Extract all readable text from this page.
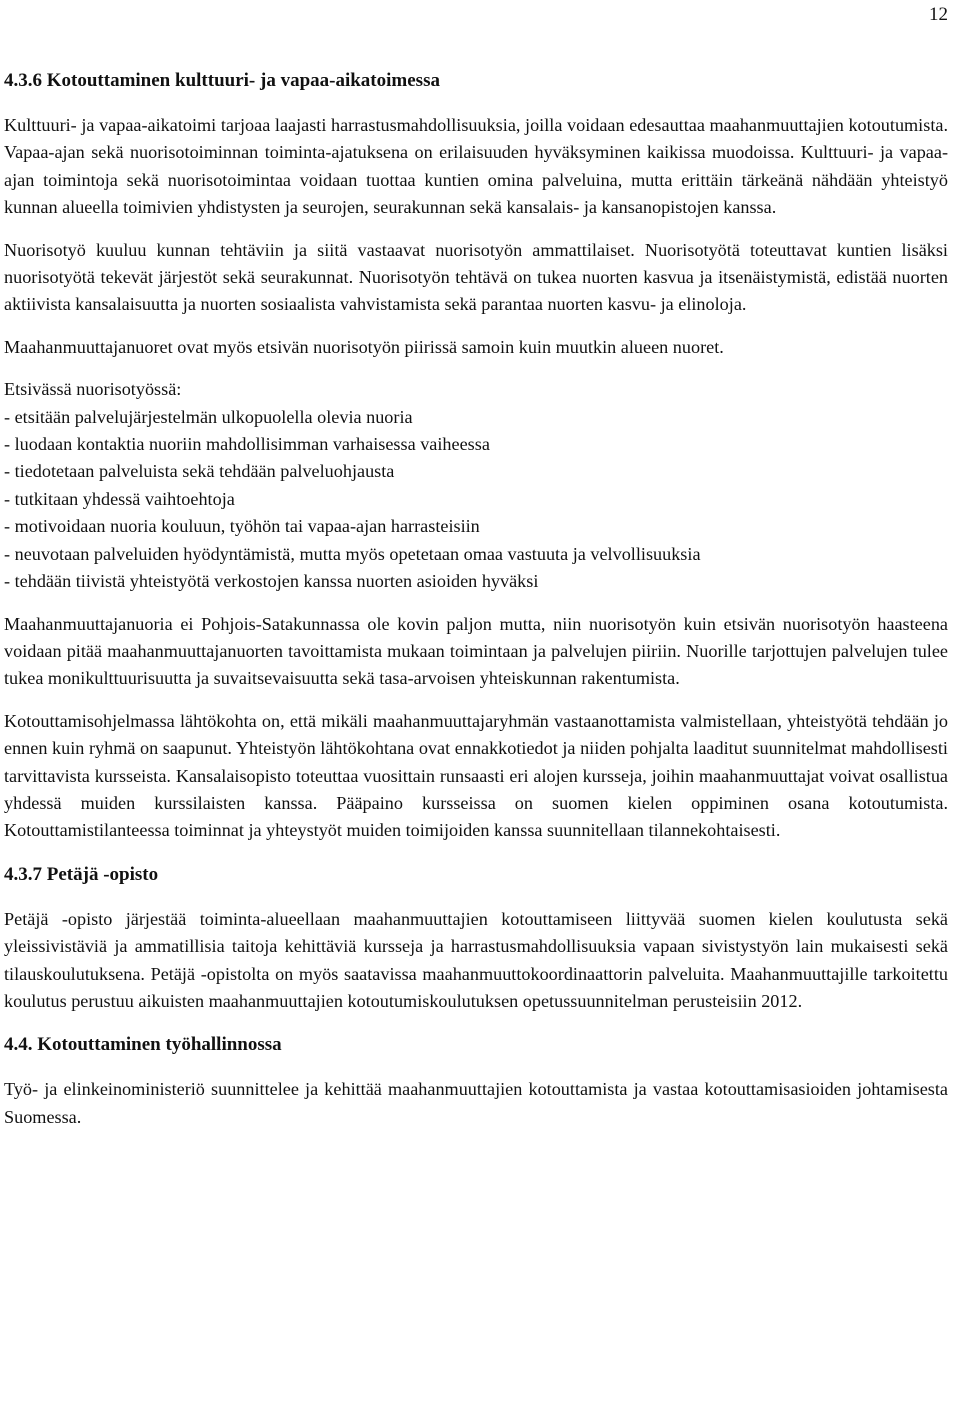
12
4.3.6 Kotouttaminen kulttuuri- ja vapaa-aikatoimessa

Kulttuuri- ja vapaa-aikatoimi tarjoaa laajasti harrastusmahdollisuuksia, joilla voidaan edesauttaa maahanmuuttajien kotoutumista. Vapaa-ajan sekä nuorisotoiminnan toiminta-ajatuksena on erilaisuuden hyväksyminen kaikissa muodoissa. Kulttuuri- ja vapaa-ajan toimintoja sekä nuorisotoimintaa voidaan tuottaa kuntien omina palveluina, mutta erittäin tärkeänä nähdään yhteistyö kunnan alueella toimivien yhdistysten ja seurojen, seurakunnan sekä kansalais- ja kansanopistojen kanssa.

Nuorisotyö kuuluu kunnan tehtäviin ja siitä vastaavat nuorisotyön ammattilaiset. Nuorisotyötä toteuttavat kuntien lisäksi nuorisotyötä tekevät järjestöt sekä seurakunnat. Nuorisotyön tehtävä on tukea nuorten kasvua ja itsenäistymistä, edistää nuorten aktiivista kansalaisuutta ja nuorten sosiaalista vahvistamista sekä parantaa nuorten kasvu- ja elinoloja.

Maahanmuuttajanuoret ovat myös etsivän nuorisotyön piirissä samoin kuin muutkin alueen nuoret.

Etsivässä nuorisotyössä:

- etsitään palvelujärjestelmän ulkopuolella olevia nuoria
- luodaan kontaktia nuoriin mahdollisimman varhaisessa vaiheessa
- tiedotetaan palveluista sekä tehdään palveluohjausta
- tutkitaan yhdessä vaihtoehtoja
- motivoidaan nuoria kouluun, työhön tai vapaa-ajan harrasteisiin
- neuvotaan palveluiden hyödyntämistä, mutta myös opetetaan omaa vastuuta ja velvollisuuksia
- tehdään tiivistä yhteistyötä verkostojen kanssa nuorten asioiden hyväksi

Maahanmuuttajanuoria ei Pohjois-Satakunnassa ole kovin paljon mutta, niin nuorisotyön kuin etsivän nuorisotyön haasteena voidaan pitää maahanmuuttajanuorten tavoittamista mukaan toimintaan ja palvelujen piiriin. Nuorille tarjottujen palvelujen tulee tukea monikulttuurisuutta ja suvaitsevaisuutta sekä tasa-arvoisen yhteiskunnan rakentumista.

Kotouttamisohjelmassa lähtökohta on, että mikäli maahanmuuttajaryhmän vastaanottamista valmistellaan, yhteistyötä tehdään jo ennen kuin ryhmä on saapunut. Yhteistyön lähtökohtana ovat ennakkotiedot ja niiden pohjalta laaditut suunnitelmat mahdollisesti tarvittavista kursseista. Kansalaisopisto toteuttaa vuosittain runsaasti eri alojen kursseja, joihin maahanmuuttajat voivat osallistua yhdessä muiden kurssilaisten kanssa. Pääpaino kursseissa on suomen kielen oppiminen osana kotoutumista. Kotouttamistilanteessa toiminnat ja yhteystyöt muiden toimijoiden kanssa suunnitellaan tilannekohtaisesti.

4.3.7 Petäjä -opisto

Petäjä -opisto järjestää toiminta-alueellaan maahanmuuttajien kotouttamiseen liittyvää suomen kielen koulutusta sekä yleissivistäviä ja ammatillisia taitoja kehittäviä kursseja ja harrastusmahdollisuuksia vapaan sivistystyön lain mukaisesti sekä tilauskoulutuksena. Petäjä -opistolta on myös saatavissa maahanmuuttokoordinaattorin palveluita. Maahanmuuttajille tarkoitettu koulutus perustuu aikuisten maahanmuuttajien kotoutumiskoulutuksen opetussuunnitelman perusteisiin 2012.

4.4. Kotouttaminen työhallinnossa

Työ- ja elinkeinoministeriö suunnittelee ja kehittää maahanmuuttajien kotouttamista ja vastaa kotouttamisasioiden johtamisesta Suomessa.
